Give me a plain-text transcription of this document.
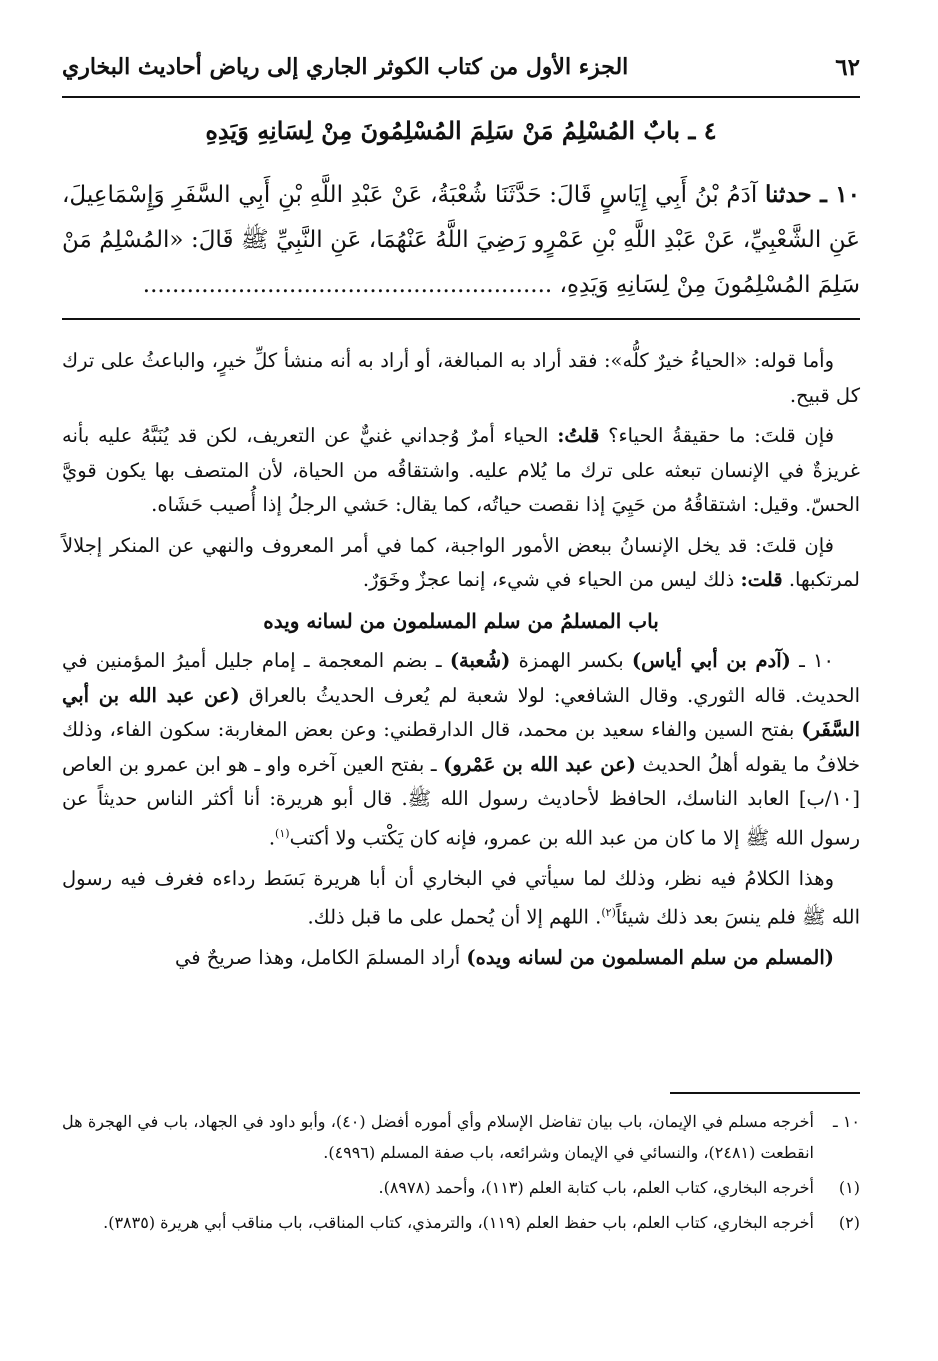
٦٢
الجزء الأول من كتاب الكوثر الجاري إلى رياض أحاديث البخاري
٤ ـ بابٌ المُسْلِمُ مَنْ سَلِمَ المُسْلِمُونَ مِنْ لِسَانِهِ وَيَدِهِ
١٠ ـ حدثنا آدَمُ بْنُ أَبِي إِيَاسٍ قَالَ: حَدَّثَنَا شُعْبَةُ، عَنْ عَبْدِ اللَّهِ بْنِ أَبِي السَّفَرِ وَإِسْمَاعِيلَ، عَنِ الشَّعْبِيِّ، عَنْ عَبْدِ اللَّهِ بْنِ عَمْرٍو رَضِيَ اللَّهُ عَنْهُمَا، عَنِ النَّبِيِّ ﷺ قَالَ: «المُسْلِمُ مَنْ سَلِمَ المُسْلِمُونَ مِنْ لِسَانِهِ وَيَدِهِ، ........................................................

وأما قوله: «الحياءُ خيرٌ كلُّه»: فقد أراد به المبالغة، أو أراد به أنه منشأ كلِّ خيرٍ، والباعثُ على ترك كل قبيح.

فإن قلتَ: ما حقيقةُ الحياء؟ قلتُ: الحياء أمرٌ وُجداني غنيٌّ عن التعريف، لكن قد يُنَبَّهُ عليه بأنه غريزةٌ في الإنسان تبعثه على ترك ما يُلام عليه. واشتقاقُه من الحياة، لأن المتصف بها يكون قويَّ الحسّ. وقيل: اشتقاقُهُ من حَيِيَ إذا نقصت حياتُه، كما يقال: حَشي الرجلُ إذا أُصيب حَشَاه.

فإن قلتَ: قد يخل الإنسانُ ببعض الأمور الواجبة، كما في أمر المعروف والنهي عن المنكر إجلالاً لمرتكبها. قلت: ذلك ليس من الحياء في شيء، إنما عجزٌ وخَوَرٌ.

باب المسلمُ من سلم المسلمون من لسانه ويده

١٠ ـ (آدم بن أبي أياس) بكسر الهمزة (شُعبة) ـ بضم المعجمة ـ إمام جليل أميرُ المؤمنين في الحديث. قاله الثوري. وقال الشافعي: لولا شعبة لم يُعرف الحديثُ بالعراق (عن عبد الله بن أبي السَّفَر) بفتح السين والفاء سعيد بن محمد، قال الدارقطني: وعن بعض المغاربة: سكون الفاء، وذلك خلافُ ما يقوله أهلُ الحديث (عن عبد الله بن عَمْرو) ـ بفتح العين آخره واو ـ هو ابن عمرو بن العاص [١٠/ب] العابد الناسك، الحافظ لأحاديث رسول الله ﷺ. قال أبو هريرة: أنا أكثر الناس حديثاً عن رسول الله ﷺ إلا ما كان من عبد الله بن عمرو، فإنه كان يَكْتب ولا أكتب$^{(١)}$.

وهذا الكلامُ فيه نظر، وذلك لما سيأتي في البخاري أن أبا هريرة بَسَط رداءه فغرف فيه رسول الله ﷺ فلم ينسَ بعد ذلك شيئاً$^{(٢)}$. اللهم إلا أن يُحمل على ما قبل ذلك.

(المسلم من سلم المسلمون من لسانه ويده) أراد المسلمَ الكامل، وهذا صريحٌ في

١٠ ـ
أخرجه مسلم في الإيمان، باب بيان تفاضل الإسلام وأي أموره أفضل (٤٠)، وأبو داود في الجهاد، باب في الهجرة هل انقطعت (٢٤٨١)، والنسائي في الإيمان وشرائعه، باب صفة المسلم (٤٩٩٦).
(١)
أخرجه البخاري، كتاب العلم، باب كتابة العلم (١١٣)، وأحمد (٨٩٧٨).
(٢)
أخرجه البخاري، كتاب العلم، باب حفظ العلم (١١٩)، والترمذي، كتاب المناقب، باب مناقب أبي هريرة (٣٨٣٥).
